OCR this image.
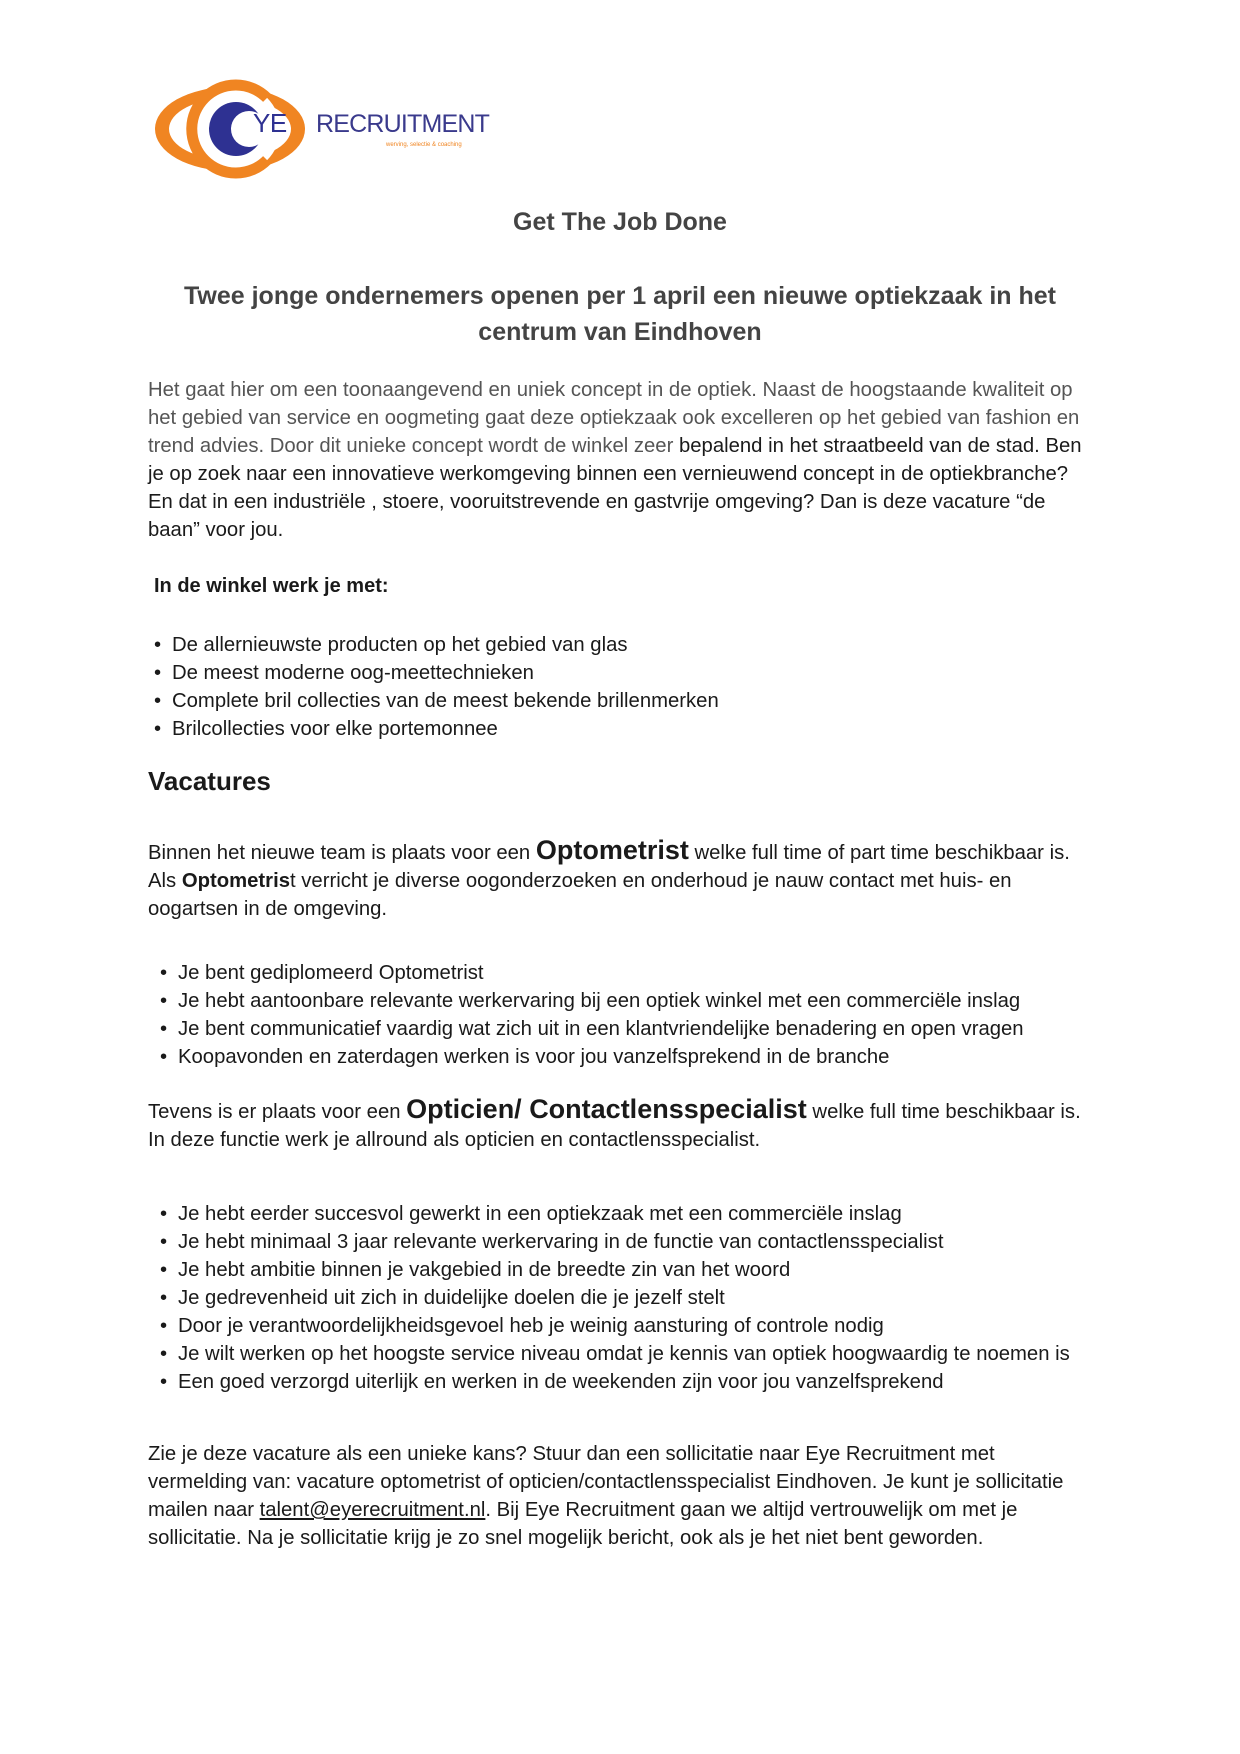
YE RECRUITMENT
werving, selectie & coaching
Get The Job Done
Twee jonge ondernemers openen per 1 april een nieuwe optiekzaak in het centrum van Eindhoven

Het gaat hier om een toonaangevend en uniek concept in de optiek. Naast de hoogstaande kwaliteit op het gebied van service en oogmeting gaat deze optiekzaak ook excelleren op het gebied van fashion en trend advies. Door dit unieke concept wordt de winkel zeer bepalend in het straatbeeld van de stad. Ben je op zoek naar een innovatieve werkomgeving binnen een vernieuwend concept in de optiekbranche? En dat in een industriële , stoere, vooruitstrevende en gastvrije omgeving? Dan is deze vacature “de baan” voor jou.

In de winkel werk je met:

• De allernieuwste producten op het gebied van glas
• De meest moderne oog-meettechnieken
• Complete bril collecties van de meest bekende brillenmerken
• Brilcollecties voor elke portemonnee
Vacatures

Binnen het nieuwe team is plaats voor een Optometrist welke full time of part time beschikbaar is. Als Optometrist verricht je diverse oogonderzoeken en onderhoud je nauw contact met huis- en oogartsen in de omgeving.

• Je bent gediplomeerd Optometrist
• Je hebt aantoonbare relevante werkervaring bij een optiek winkel met een commerciële inslag
• Je bent communicatief vaardig wat zich uit in een klantvriendelijke benadering en open vragen
• Koopavonden en zaterdagen werken is voor jou vanzelfsprekend in de branche

Tevens is er plaats voor een Opticien/ Contactlensspecialist welke full time beschikbaar is. In deze functie werk je allround als opticien en contactlensspecialist.

• Je hebt eerder succesvol gewerkt in een optiekzaak met een commerciële inslag
• Je hebt minimaal 3 jaar relevante werkervaring in de functie van contactlensspecialist
• Je hebt ambitie binnen je vakgebied in de breedte zin van het woord
• Je gedrevenheid uit zich in duidelijke doelen die je jezelf stelt
• Door je verantwoordelijkheidsgevoel heb je weinig aansturing of controle nodig
• Je wilt werken op het hoogste service niveau omdat je kennis van optiek hoogwaardig te noemen is
• Een goed verzorgd uiterlijk en werken in de weekenden zijn voor jou vanzelfsprekend

Zie je deze vacature als een unieke kans? Stuur dan een sollicitatie naar Eye Recruitment met vermelding van: vacature optometrist of opticien/contactlensspecialist Eindhoven. Je kunt je sollicitatie mailen naar talent@eyerecruitment.nl. Bij Eye Recruitment gaan we altijd vertrouwelijk om met je sollicitatie. Na je sollicitatie krijg je zo snel mogelijk bericht, ook als je het niet bent geworden.
